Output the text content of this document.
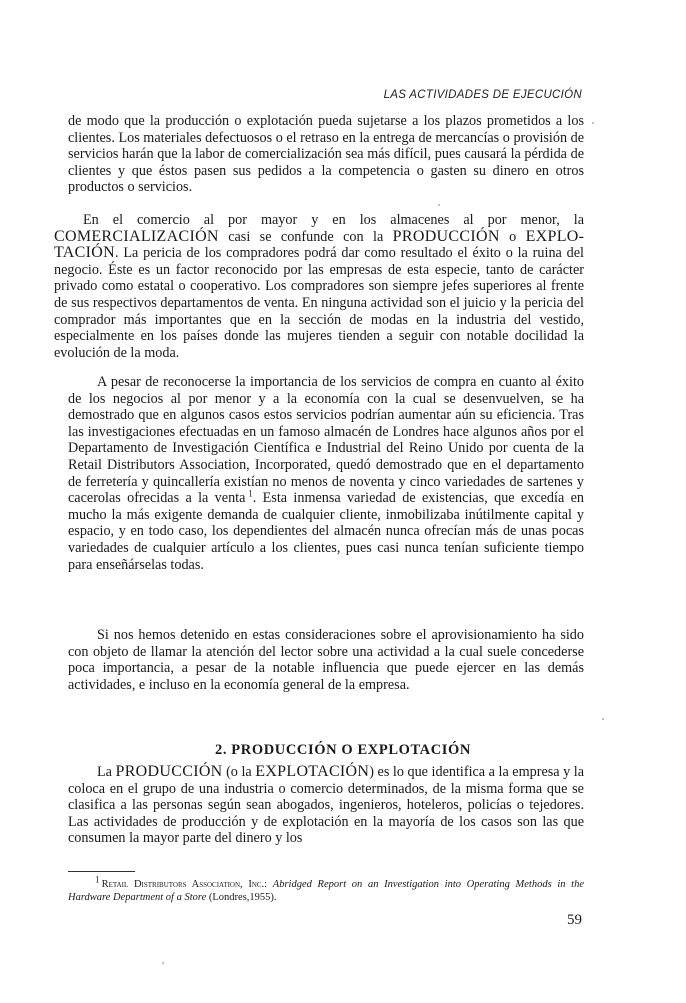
LAS ACTIVIDADES DE EJECUCIÓN

de modo que la producción o explotación pueda sujetarse a los plazos prometidos a los clientes. Los materiales defectuosos o el retraso en la entrega de mercancías o provisión de servicios harán que la labor de comercialización sea más difícil, pues causará la pérdida de clientes y que éstos pasen sus pedidos a la competencia o gasten su dinero en otros productos o servicios.

En el comercio al por mayor y en los almacenes al por menor, la COMERCIALIZACIÓN casi se confunde con la PRODUCCIÓN o EXPLOTACIÓN. La pericia de los compradores podrá dar como resultado el éxito o la ruina del negocio. Éste es un factor reconocido por las empresas de esta especie, tanto de carácter privado como estatal o cooperativo. Los compradores son siempre jefes superiores al frente de sus respectivos departamentos de venta. En ninguna actividad son el juicio y la pericia del comprador más importantes que en la sección de modas en la industria del vestido, especialmente en los países donde las mujeres tienden a seguir con notable docilidad la evolución de la moda.

A pesar de reconocerse la importancia de los servicios de compra en cuanto al éxito de los negocios al por menor y a la economía con la cual se desenvuelven, se ha demostrado que en algunos casos estos servicios podrían aumentar aún su eficiencia. Tras las investigaciones efectuadas en un famoso almacén de Londres hace algunos años por el Departamento de Investigación Científica e Industrial del Reino Unido por cuenta de la Retail Distributors Association, Incorporated, quedó demostrado que en el departamento de ferretería y quincallería existían no menos de noventa y cinco variedades de sartenes y cacerolas ofrecidas a la venta  $^1$. Esta inmensa variedad de existencias, que excedía en mucho la más exigente demanda de cualquier cliente, inmobilizaba inútilmente capital y espacio, y en todo caso, los dependientes del almacén nunca ofrecían más de unas pocas variedades de cualquier artículo a los clientes, pues casi nunca tenían suficiente tiempo para enseñárselas todas.

Si nos hemos detenido en estas consideraciones sobre el aprovisionamiento ha sido con objeto de llamar la atención del lector sobre una actividad a la cual suele concederse poca importancia, a pesar de la notable influencia que puede ejercer en las demás actividades, e incluso en la economía general de la empresa.

2. PRODUCCIÓN O EXPLOTACIÓN

La PRODUCCIÓN (o la EXPLOTACIÓN) es lo que identifica a la empresa y la coloca en el grupo de una industria o comercio determinados, de la misma forma que se clasifica a las personas según sean abogados, ingenieros, hoteleros, policías o tejedores. Las actividades de producción y de explotación en la mayoría de los casos son las que consumen la mayor parte del dinero y los

$^1$  Retail Distributors Association, Inc.: Abridged Report on an Investigation into Operating Methods in the Hardware Department of a Store (Londres,1955).
59
